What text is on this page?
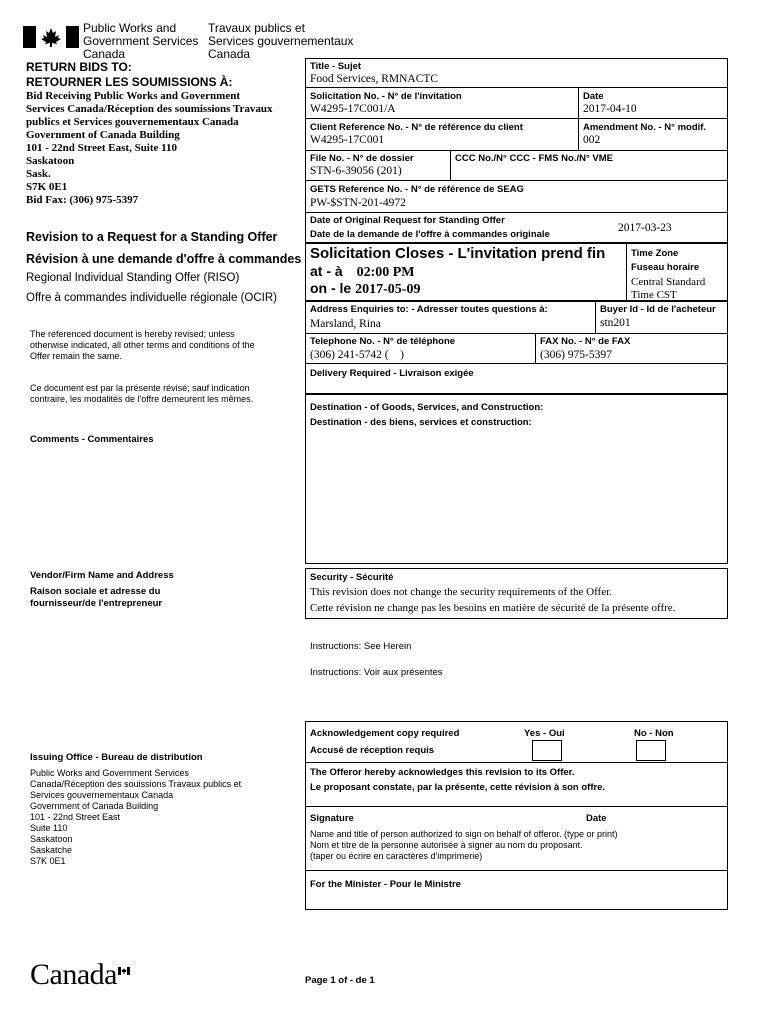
Public Works and
Government Services
Canada
Travaux publics et
Services gouvernementaux
Canada
RETURN BIDS TO:
RETOURNER LES SOUMISSIONS À:
Bid Receiving Public Works and Government
Services Canada/Réception des soumissions Travaux
publics et Services gouvernementaux Canada
Government of Canada Building
101 - 22nd Street East, Suite 110
Saskatoon
Sask.
S7K 0E1
Bid Fax: (306) 975-5397
Revision to a Request for a Standing Offer
Révision à une demande d'offre à commandes
Regional Individual Standing Offer (RISO)
Offre à commandes individuelle régionale (OCIR)
The referenced document is hereby revised; unless
otherwise indicated, all other terms and conditions of the
Offer remain the same.
Ce document est par la présente révisé; sauf indication
contraire, les modalités de l'offre demeurent les mêmes.
Comments - Commentaires
Vendor/Firm Name and Address
Raison sociale et adresse du
fournisseur/de l'entrepreneur
Issuing Office - Bureau de distribution
Public Works and Government Services
Canada/Réception des souissions Travaux publics et
Services gouvernementaux Canada
Government of Canada Building
101 - 22nd Street East
Suite 110
Saskatoon
Saskatche
S7K 0E1
Title - Sujet
Food Services, RMNACTC
Solicitation No. - N° de l'invitation
W4295-17C001/A
Date
2017-04-10
Client Reference No. - N° de référence du client
W4295-17C001
Amendment No. - N° modif.
002
File No. - N° de dossier
STN-6-39056 (201)
CCC No./N° CCC - FMS No./N° VME
GETS Reference No. - N° de référence de SEAG
PW-$STN-201-4972
Date of Original Request for Standing Offer
Date de la demande de l'offre à commandes originale
2017-03-23
Solicitation Closes - L'invitation prend fin
at - à 02:00 PM
on - le 2017-05-09
Time Zone
Fuseau horaire
Central Standard Time CST
Address Enquiries to: - Adresser toutes questions à:
Marsland, Rina
Buyer Id - Id de l'acheteur
stn201
Telephone No. - N° de téléphone
(306) 241-5742 (    )
FAX No. - N° de FAX
(306) 975-5397
Delivery Required - Livraison exigée
Destination - of Goods, Services, and Construction:
Destination - des biens, services et construction:
Security - Sécurité
This revision does not change the security requirements of the Offer.
Cette révision ne change pas les besoins en matière de sécurité de la présente offre.
Instructions: See Herein
Instructions: Voir aux présentes
Acknowledgement copy required
Accusé de réception requis
Yes - Oui	No - Non
The Offeror hereby acknowledges this revision to its Offer.
Le proposant constate, par la présente, cette révision à son offre.
Signature	Date
Name and title of person authorized to sign on behalf of offeror. (type or print)
Nom et titre de la personne autorisée à signer au nom du proposant.
(taper ou écrire en caractères d'imprimerie)
For the Minister - Pour le Ministre
Canada	Page 1 of - de 1
